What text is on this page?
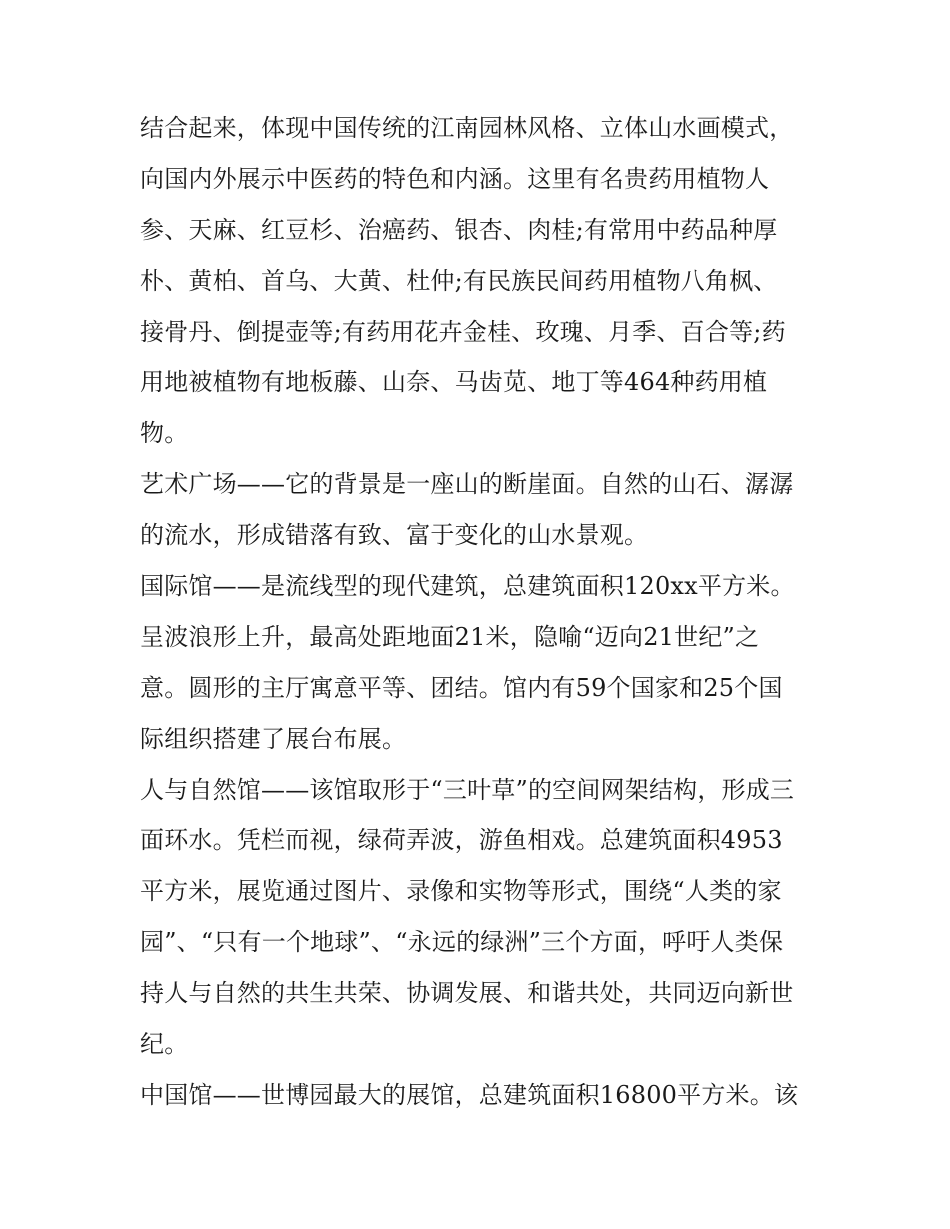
结合起来，体现中国传统的江南园林风格、立体山水画模式，
向国内外展示中医药的特色和内涵。这里有名贵药用植物人
参、天麻、红豆杉、治癌药、银杏、肉桂;有常用中药品种厚
朴、黄柏、首乌、大黄、杜仲;有民族民间药用植物八角枫、
接骨丹、倒提壶等;有药用花卉金桂、玫瑰、月季、百合等;药
用地被植物有地板藤、山奈、马齿苋、地丁等464种药用植
物。

艺术广场——它的背景是一座山的断崖面。自然的山石、潺潺
的流水，形成错落有致、富于变化的山水景观。

国际馆——是流线型的现代建筑，总建筑面积120xx平方米。
呈波浪形上升，最高处距地面21米，隐喻“迈向21世纪”之
意。圆形的主厅寓意平等、团结。馆内有59个国家和25个国
际组织搭建了展台布展。

人与自然馆——该馆取形于“三叶草”的空间网架结构，形成三
面环水。凭栏而视，绿荷弄波，游鱼相戏。总建筑面积4953
平方米，展览通过图片、录像和实物等形式，围绕“人类的家
园”、“只有一个地球”、“永远的绿洲”三个方面，呼吁人类保
持人与自然的共生共荣、协调发展、和谐共处，共同迈向新世
纪。

中国馆——世博园最大的展馆，总建筑面积16800平方米。该
